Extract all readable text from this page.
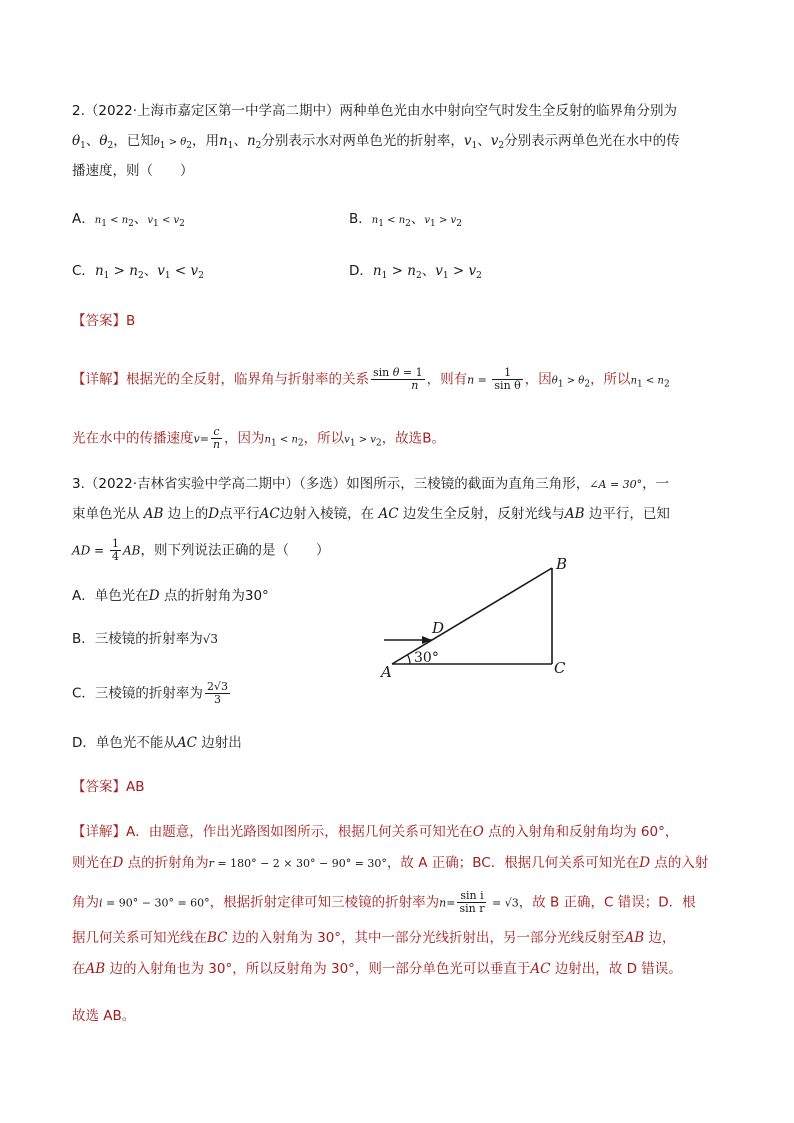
2.（2022·上海市嘉定区第一中学高二期中）两种单色光由水中射向空气时发生全反射的临界角分别为
$\theta_1$、$\theta_2$，已知$\theta_1 > \theta_2$，用$n_1$、$n_2$分别表示水对两单色光的折射率，$v_1$、$v_2$分别表示两单色光在水中的传
播速度，则（　　）
A．$n_1 < n_2$、$v_1 < v_2$	B．$n_1 < n_2$、$v_1 > v_2$
C．$n_1 > n_2$、$v_1 < v_2$	D．$n_1 > n_2$、$v_1 > v_2$
【答案】B
【详解】根据光的全反射，临界角与折射率的关系 $\frac{\text{sin θ = 1}}{n}$ ，则有$n = \frac{1}{\text{sin θ}}$ ，因$\theta_1 > \theta_2$，所以$n_1 < n_2$
光在水中的传播速度$v= \frac{c}{n}$ ，因为$n_1 < n_2$，所以$v_1 > v_2$，故选B。
3.（2022·吉林省实验中学高二期中）（多选）如图所示，三棱镜的截面为直角三角形，∠A = 30°，一
束单色光从 AB 边上的D点平行AC边射入棱镜，在 AC 边发生全反射，反射光线与AB 边平行，已知
AD = $\frac{1}{4}$ AB，则下列说法正确的是（　　）
A．单色光在D 点的折射角为30°
B．三棱镜的折射率为√3
C．三棱镜的折射率为 $\frac{2√3}{3}$
D．单色光不能从AC 边射出
B
C
A
D
30°
【答案】AB
【详解】A．由题意，作出光路图如图所示，根据几何关系可知光在O 点的入射角和反射角均为 60°，
则光在D 点的折射角为r = 180° − 2 × 30° − 90° = 30°，故 A 正确；BC．根据几何关系可知光在D 点的入射
角为i = 90° − 30° = 60°，根据折射定律可知三棱镜的折射率为$n= \frac{\text{sin i}}{\text{sin r}} = √3$，故 B 正确，C 错误；D．根
据几何关系可知光线在BC 边的入射角为 30°，其中一部分光线折射出，另一部分光线反射至AB 边，
在AB 边的入射角也为 30°，所以反射角为 30°，则一部分单色光可以垂直于AC 边射出，故 D 错误。
故选 AB。
